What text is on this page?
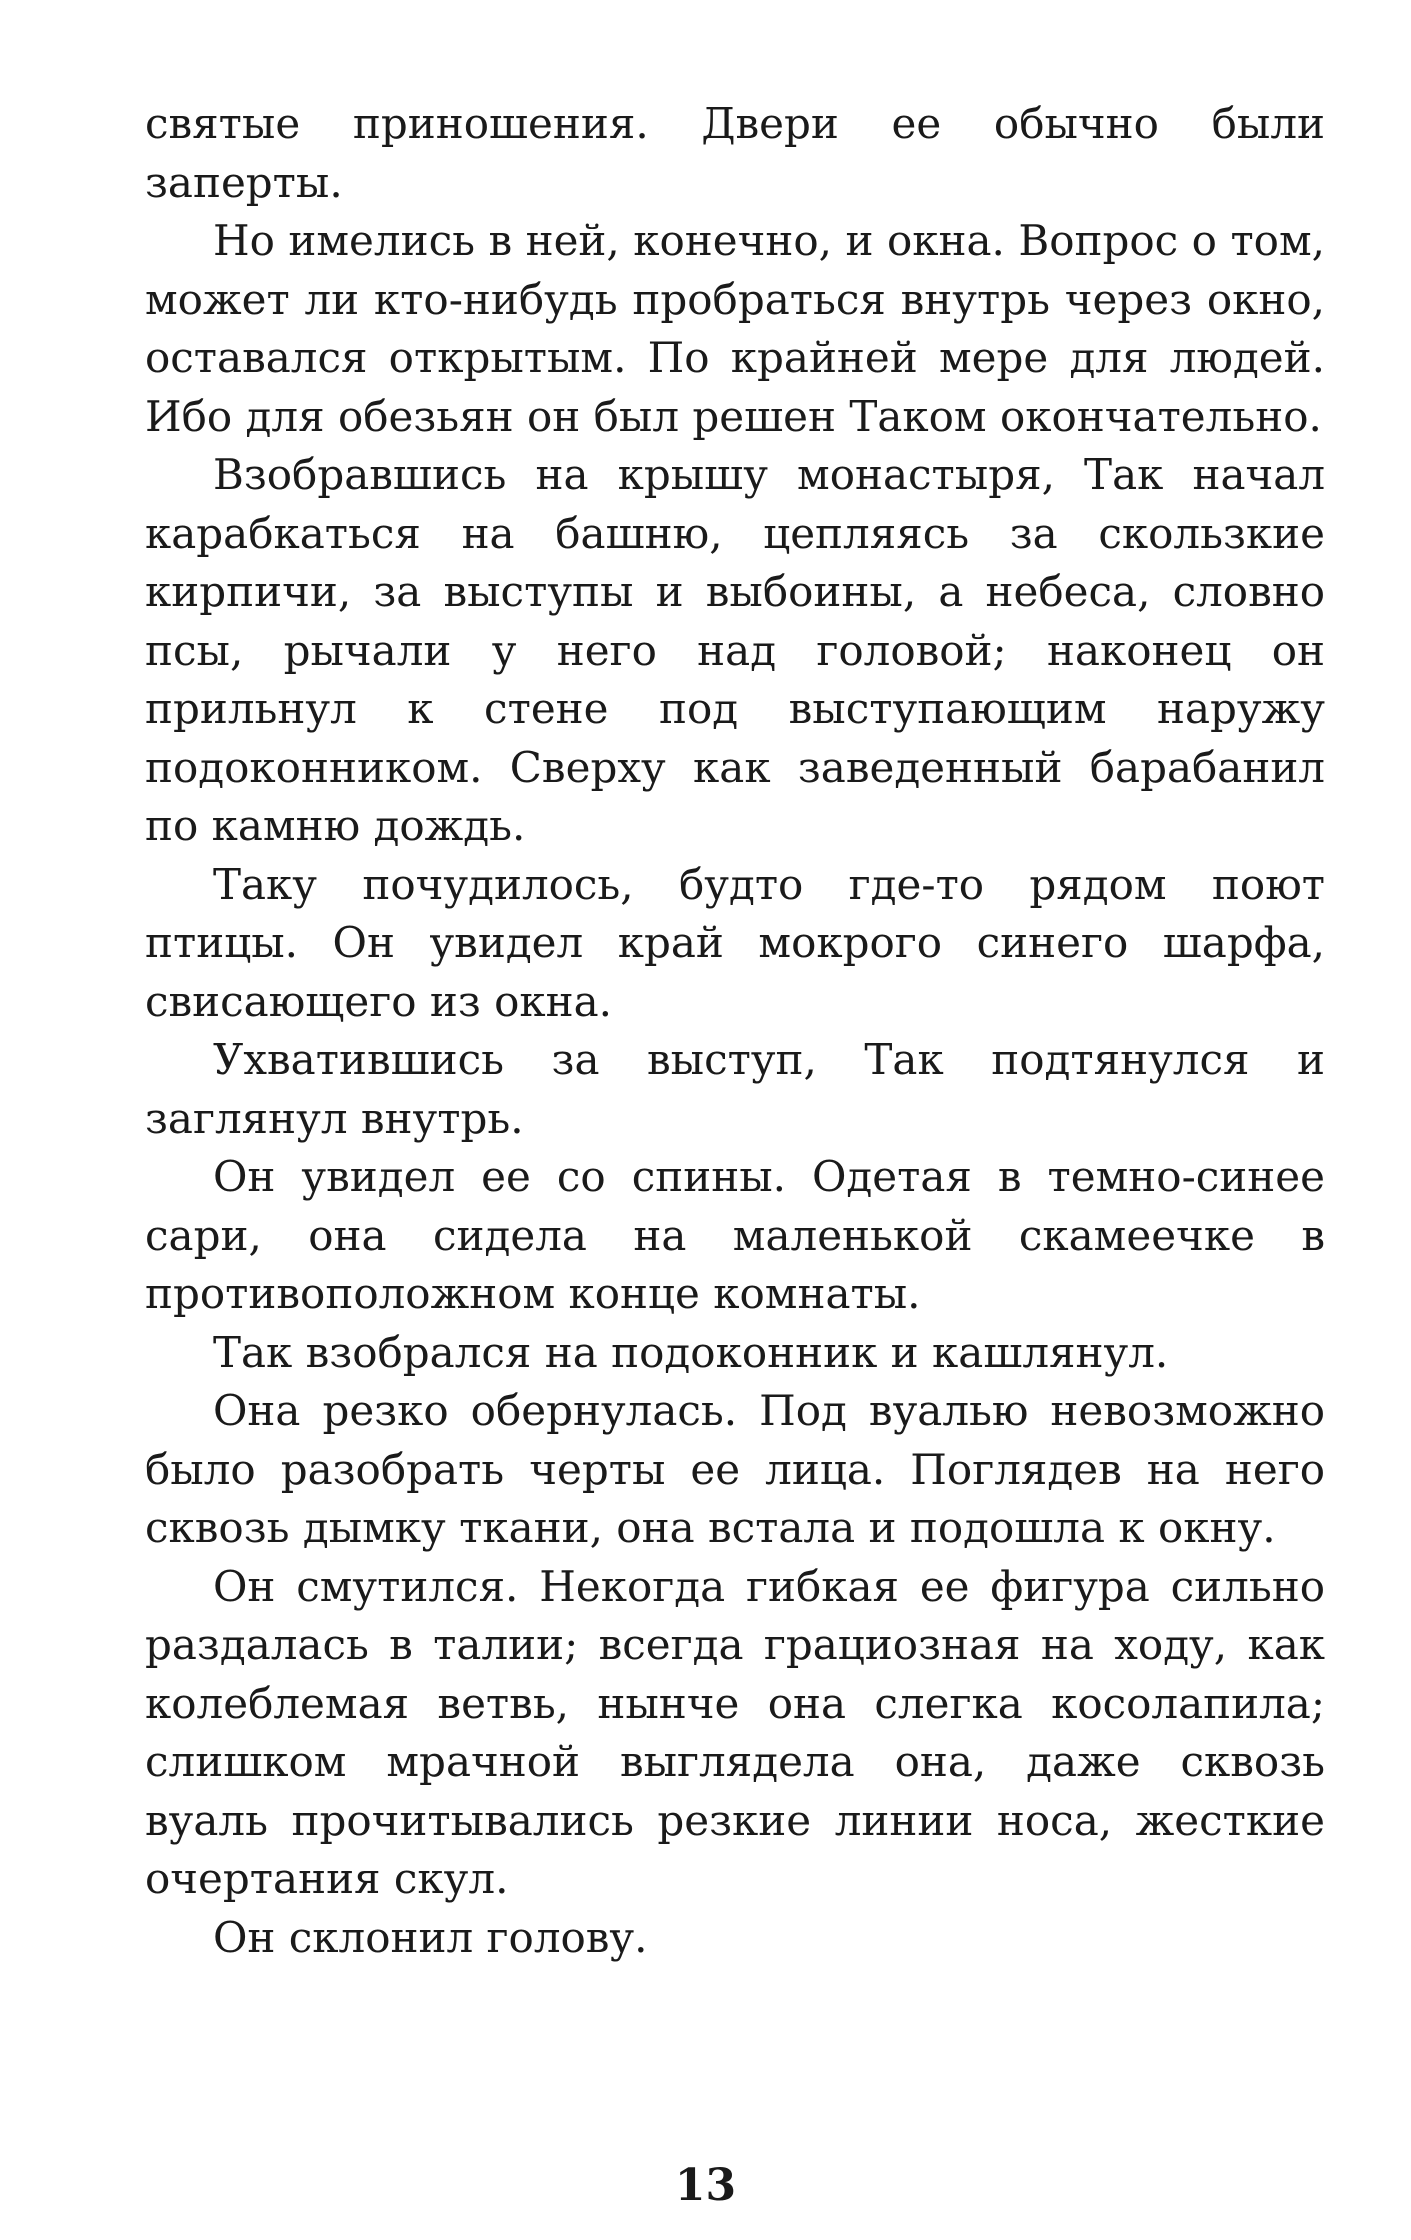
святые приношения. Двери ее обычно были заперты.

Но имелись в ней, конечно, и окна. Вопрос о том, может ли кто-нибудь пробраться внутрь через окно, оставался открытым. По крайней мере для людей. Ибо для обезьян он был решен Таком окончательно.

Взобравшись на крышу монастыря, Так начал карабкаться на башню, цепляясь за скользкие кирпичи, за выступы и выбоины, а небеса, словно псы, рычали у него над головой; наконец он прильнул к стене под выступающим наружу подоконником. Сверху как заведенный барабанил по камню дождь.

Таку почудилось, будто где-то рядом поют птицы. Он увидел край мокрого синего шарфа, свисающего из окна.

Ухватившись за выступ, Так подтянулся и заглянул внутрь.

Он увидел ее со спины. Одетая в темно-синее сари, она сидела на маленькой скамеечке в противоположном конце комнаты.

Так взобрался на подоконник и кашлянул.

Она резко обернулась. Под вуалью невозможно было разобрать черты ее лица. Поглядев на него сквозь дымку ткани, она встала и подошла к окну.

Он смутился. Некогда гибкая ее фигура сильно раздалась в талии; всегда грациозная на ходу, как колеблемая ветвь, нынче она слегка косолапила; слишком мрачной выглядела она, даже сквозь вуаль прочитывались резкие линии носа, жесткие очертания скул.

Он склонил голову.

13
